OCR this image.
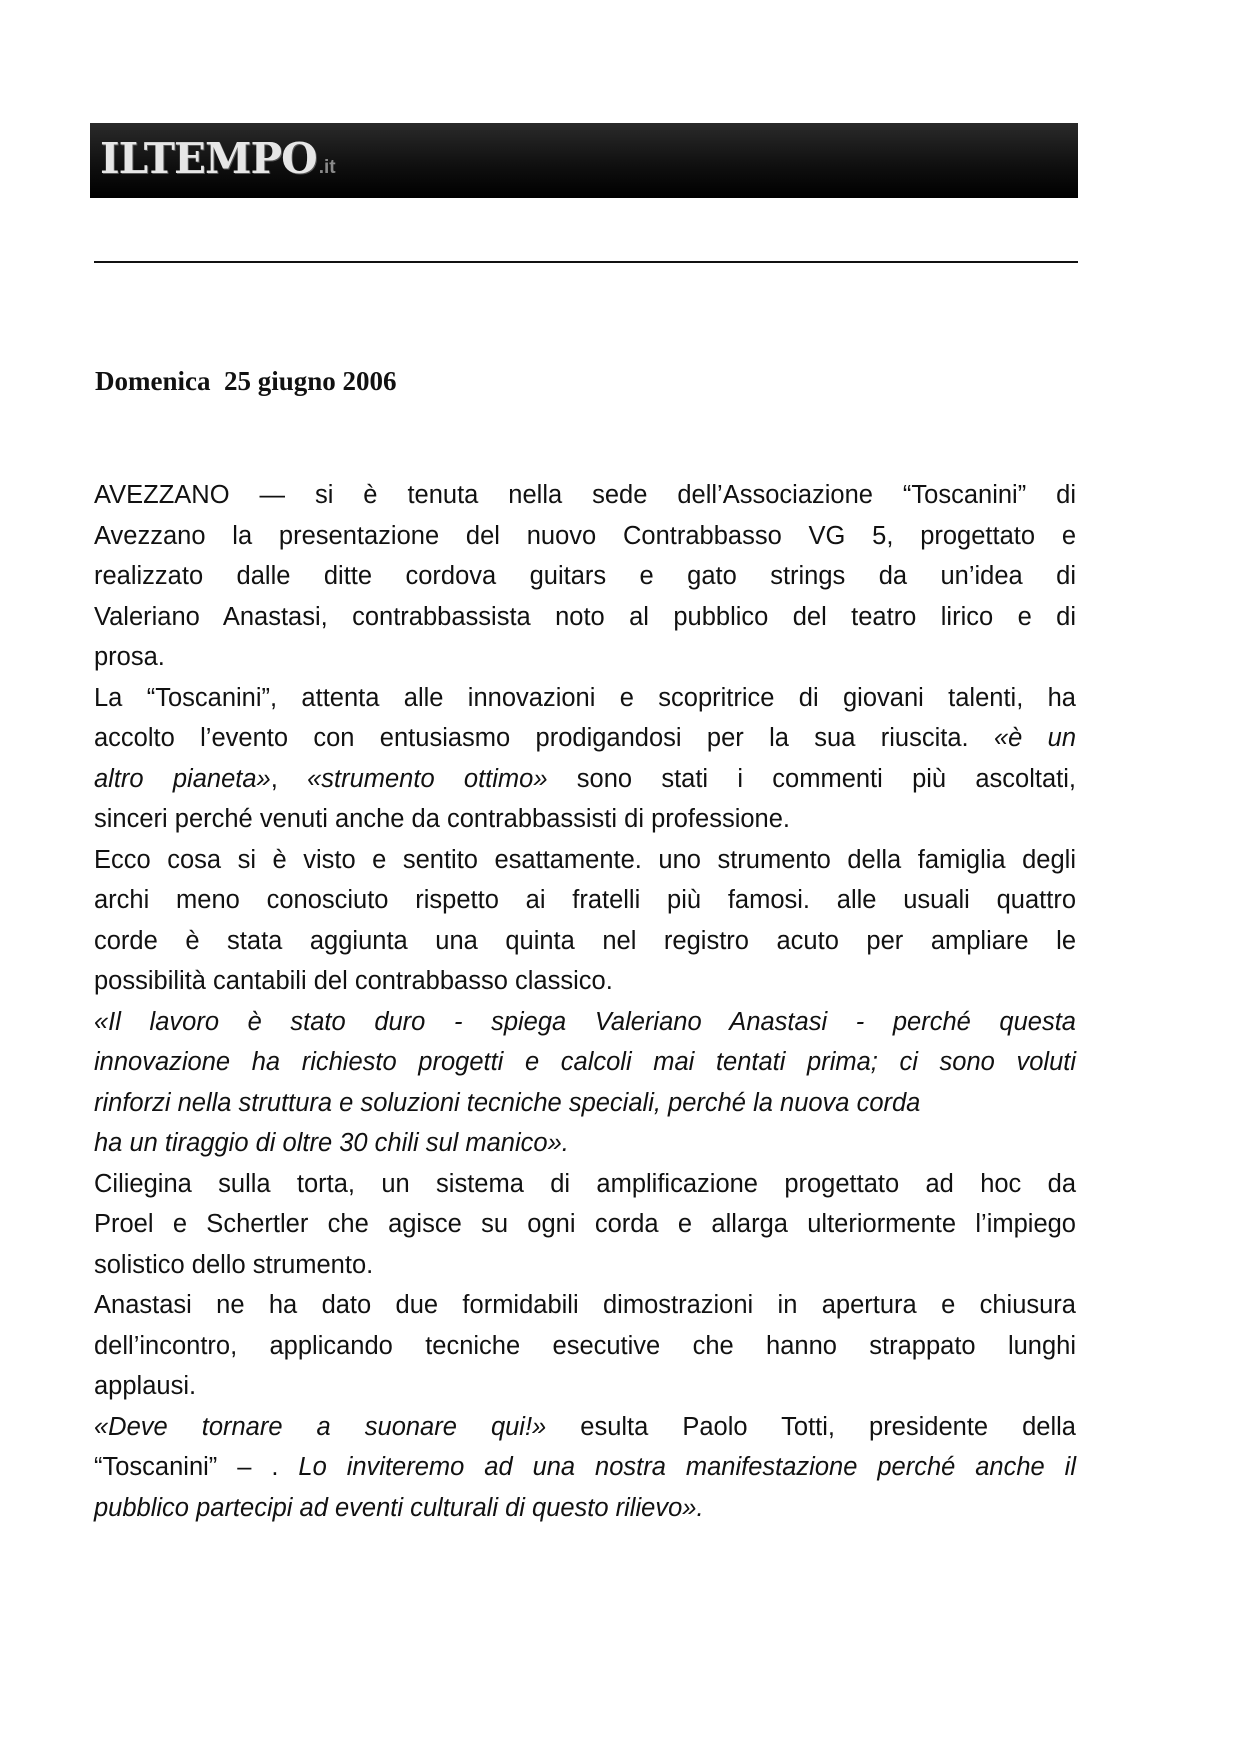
ILTEMPO .it
Domenica  25 giugno 2006
AVEZZANO — si è tenuta nella sede dell’Associazione “Toscanini” di
Avezzano la presentazione del nuovo Contrabbasso VG 5, progettato e
realizzato dalle ditte cordova guitars e gato strings da un’idea di
Valeriano Anastasi, contrabbassista noto al pubblico del teatro lirico e di
prosa.
La “Toscanini”, attenta alle innovazioni e scopritrice di giovani talenti, ha
accolto l’evento con entusiasmo prodigandosi per la sua riuscita. «è un
altro pianeta», «strumento ottimo» sono stati i commenti più ascoltati,
sinceri perché venuti anche da contrabbassisti di professione.
Ecco cosa si è visto e sentito esattamente. uno strumento della famiglia degli
archi meno conosciuto rispetto ai fratelli più famosi. alle usuali quattro
corde è stata aggiunta una quinta nel registro acuto per ampliare le
possibilità cantabili del contrabbasso classico.
«Il lavoro è stato duro - spiega Valeriano Anastasi - perché questa
innovazione ha richiesto progetti e calcoli mai tentati prima; ci sono voluti
rinforzi nella struttura e soluzioni tecniche speciali, perché la nuova corda
ha un tiraggio di oltre 30 chili sul manico».
Ciliegina sulla torta, un sistema di amplificazione progettato ad hoc da
Proel e Schertler che agisce su ogni corda e allarga ulteriormente l’impiego
solistico dello strumento.
Anastasi ne ha dato due formidabili dimostrazioni in apertura e chiusura
dell’incontro, applicando tecniche esecutive che hanno strappato lunghi
applausi.
«Deve tornare a suonare qui!» esulta Paolo Totti, presidente della
“Toscanini” – . Lo inviteremo ad una nostra manifestazione perché anche il
pubblico partecipi ad eventi culturali di questo rilievo».
